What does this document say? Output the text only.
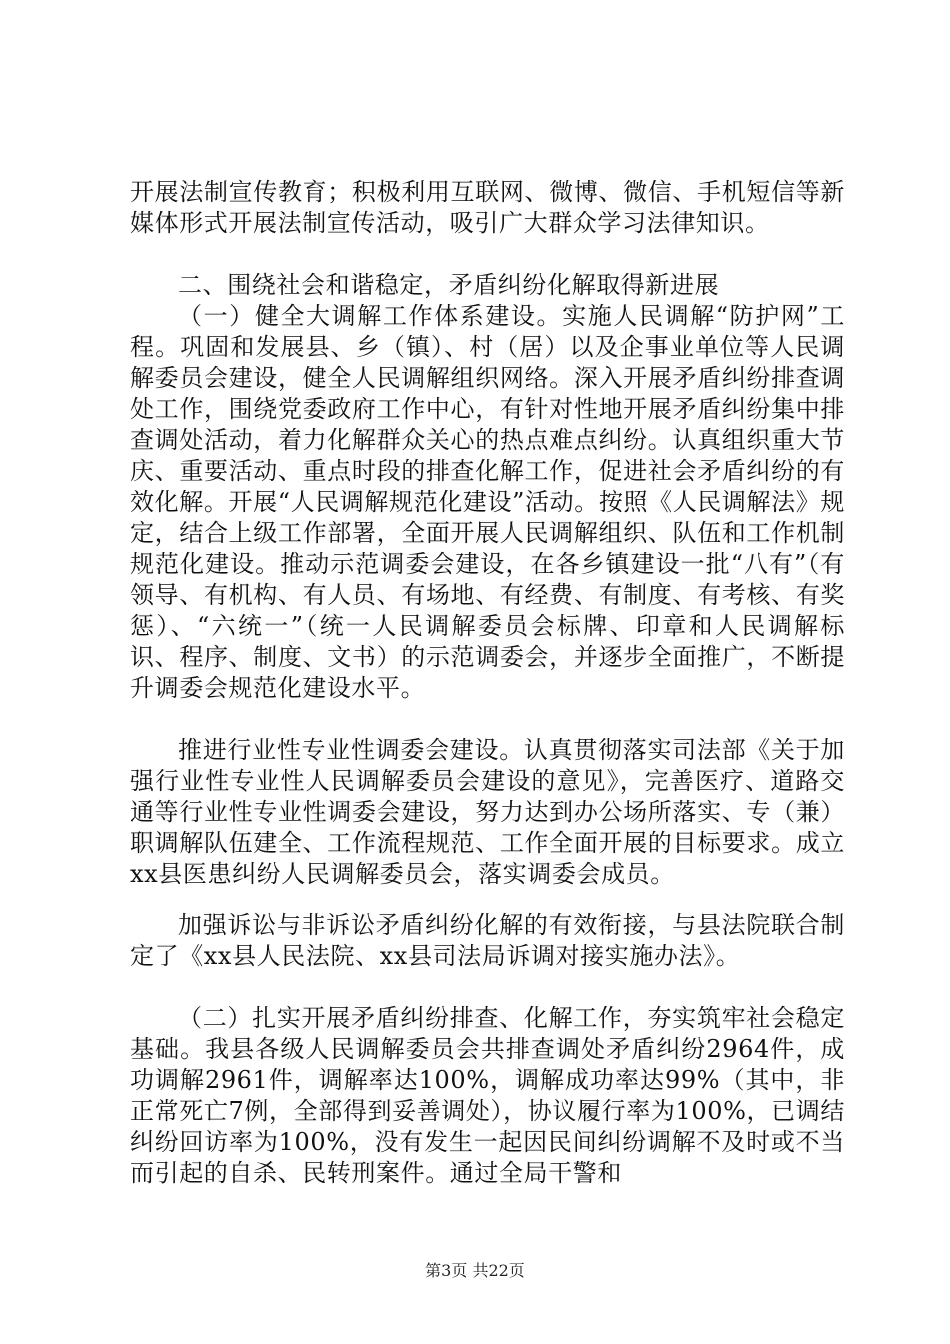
开展法制宣传教育；积极利用互联网、微博、微信、手机短信等新媒体形式开展法制宣传活动，吸引广大群众学习法律知识。

二、围绕社会和谐稳定，矛盾纠纷化解取得新进展

（一）健全大调解工作体系建设。实施人民调解“防护网”工程。巩固和发展县、乡（镇）、村（居）以及企事业单位等人民调解委员会建设，健全人民调解组织网络。深入开展矛盾纠纷排查调处工作，围绕党委政府工作中心，有针对性地开展矛盾纠纷集中排查调处活动，着力化解群众关心的热点难点纠纷。认真组织重大节庆、重要活动、重点时段的排查化解工作，促进社会矛盾纠纷的有效化解。开展“人民调解规范化建设”活动。按照《人民调解法》规定，结合上级工作部署，全面开展人民调解组织、队伍和工作机制规范化建设。推动示范调委会建设，在各乡镇建设一批“八有”（有领导、有机构、有人员、有场地、有经费、有制度、有考核、有奖惩）、“六统一”（统一人民调解委员会标牌、印章和人民调解标识、程序、制度、文书）的示范调委会，并逐步全面推广，不断提升调委会规范化建设水平。

推进行业性专业性调委会建设。认真贯彻落实司法部《关于加强行业性专业性人民调解委员会建设的意见》，完善医疗、道路交通等行业性专业性调委会建设，努力达到办公场所落实、专（兼）职调解队伍建全、工作流程规范、工作全面开展的目标要求。成立xx县医患纠纷人民调解委员会，落实调委会成员。

加强诉讼与非诉讼矛盾纠纷化解的有效衔接，与县法院联合制定了《xx县人民法院、xx县司法局诉调对接实施办法》。

（二）扎实开展矛盾纠纷排查、化解工作，夯实筑牢社会稳定基础。我县各级人民调解委员会共排查调处矛盾纠纷2964件，成功调解2961件，调解率达100%，调解成功率达99%（其中，非正常死亡7例，全部得到妥善调处），协议履行率为100%，已调结纠纷回访率为100%，没有发生一起因民间纠纷调解不及时或不当而引起的自杀、民转刑案件。通过全局干警和

第3页 共22页
